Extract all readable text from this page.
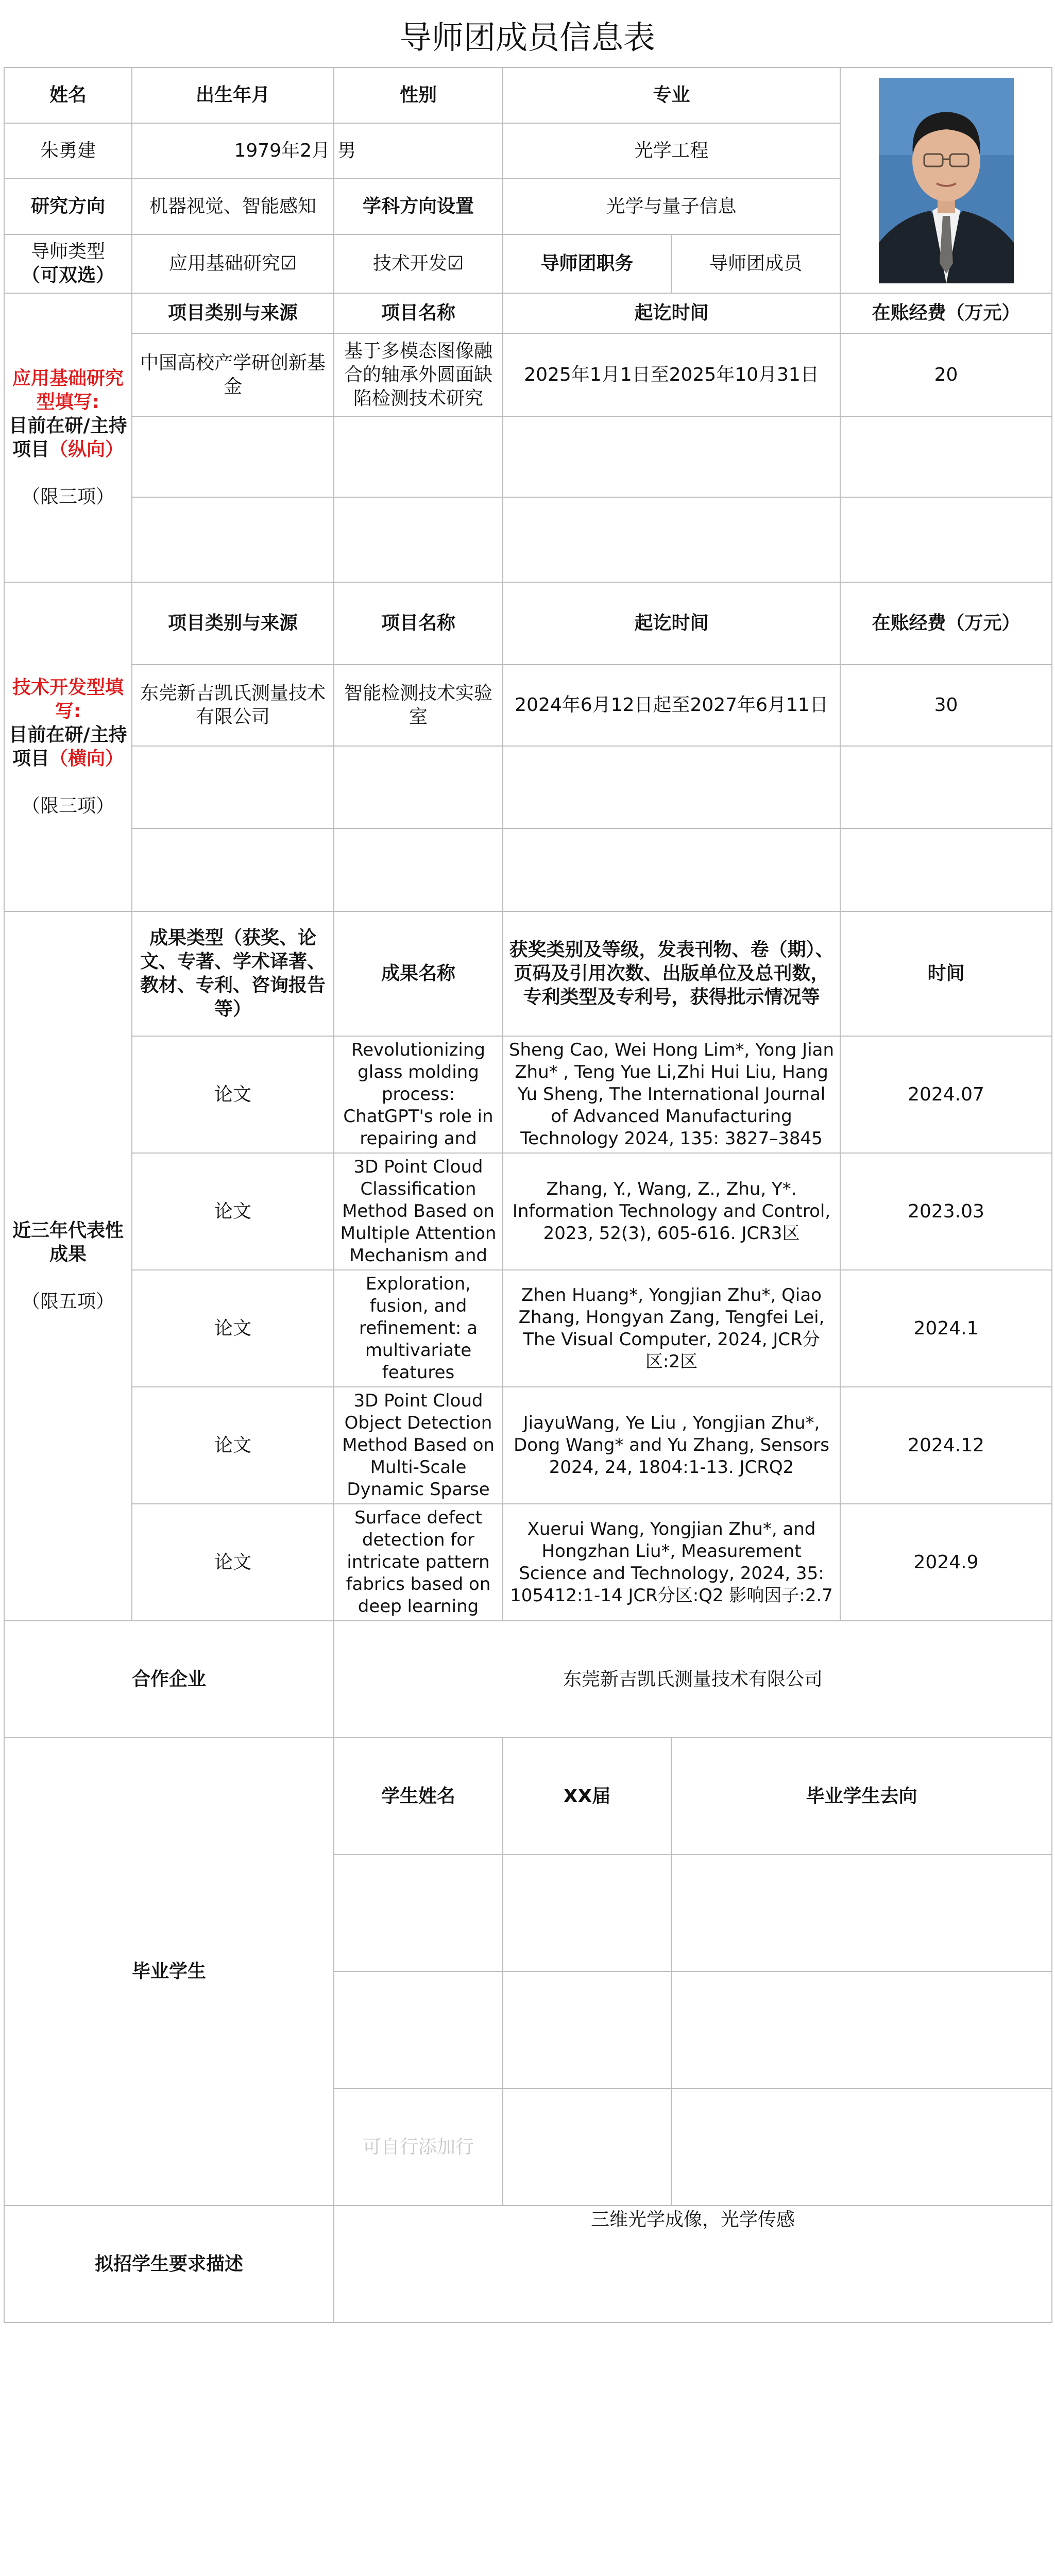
导师团成员信息表
姓名	出生年月	性别	专业	

朱勇建	1979年2月	男	光学工程		
研究方向	机器视觉、智能感知	学科方向设置	光学与量子信息		

导师类型
（可双选）	应用基础研究☑	技术开发☑	导师团职务	导师团成员	

应用基础研究型填写:
目前在研/主持项目（纵向）
（限三项）	项目类别与来源	项目名称	起讫时间		在账经费（万元）
	中国高校产学研创新基金	基于多模态图像融合的轴承外圆面缺陷检测技术研究	2025年1月1日至2025年10月31日		20

技术开发型填写:
目前在研/主持项目（横向）
（限三项）	项目类别与来源	项目名称	起讫时间		在账经费（万元）
	东莞新吉凯氏测量技术有限公司	智能检测技术实验室	2024年6月12日起至2027年6月11日		30

近三年代表性成果
（限五项）	成果类型（获奖、论文、专著、学术译著、教材、专利、咨询报告等）	成果名称	获奖类别及等级，发表刊物、卷（期）、页码及引用次数、出版单位及总刊数，专利类型及专利号，获得批示情况等		时间
	论文	Revolutionizing glass molding process: ChatGPT's role in repairing and	Sheng Cao, Wei Hong Lim*, Yong Jian Zhu* , Teng Yue Li,Zhi Hui Liu, Hang Yu Sheng, The International Journal of Advanced Manufacturing Technology 2024, 135: 3827–3845		2024.07
	论文	3D Point Cloud Classification Method Based on Multiple Attention Mechanism and	Zhang, Y., Wang, Z., Zhu, Y*. Information Technology and Control, 2023, 52(3), 605-616. JCR3区		2023.03
	论文	Exploration, fusion, and refinement: a multivariate features	Zhen Huang*, Yongjian Zhu*, Qiao Zhang, Hongyan Zang, Tengfei Lei, The Visual Computer, 2024, JCR分区:2区		2024.1
	论文	3D Point Cloud Object Detection Method Based on Multi-Scale Dynamic Sparse	JiayuWang, Ye Liu , Yongjian Zhu*, Dong Wang* and Yu Zhang, Sensors 2024, 24, 1804:1-13. JCRQ2		2024.12
	论文	Surface defect detection for intricate pattern fabrics based on deep learning	Xuerui Wang, Yongjian Zhu*, and Hongzhan Liu*, Measurement Science and Technology, 2024, 35: 105412:1-14 JCR分区:Q2 影响因子:2.7		2024.9
合作企业		东莞新吉凯氏测量技术有限公司			
毕业学生		学生姓名	XX届	毕业学生去向	

		可自行添加行			
拟招学生要求描述		三维光学成像，光学传感			
